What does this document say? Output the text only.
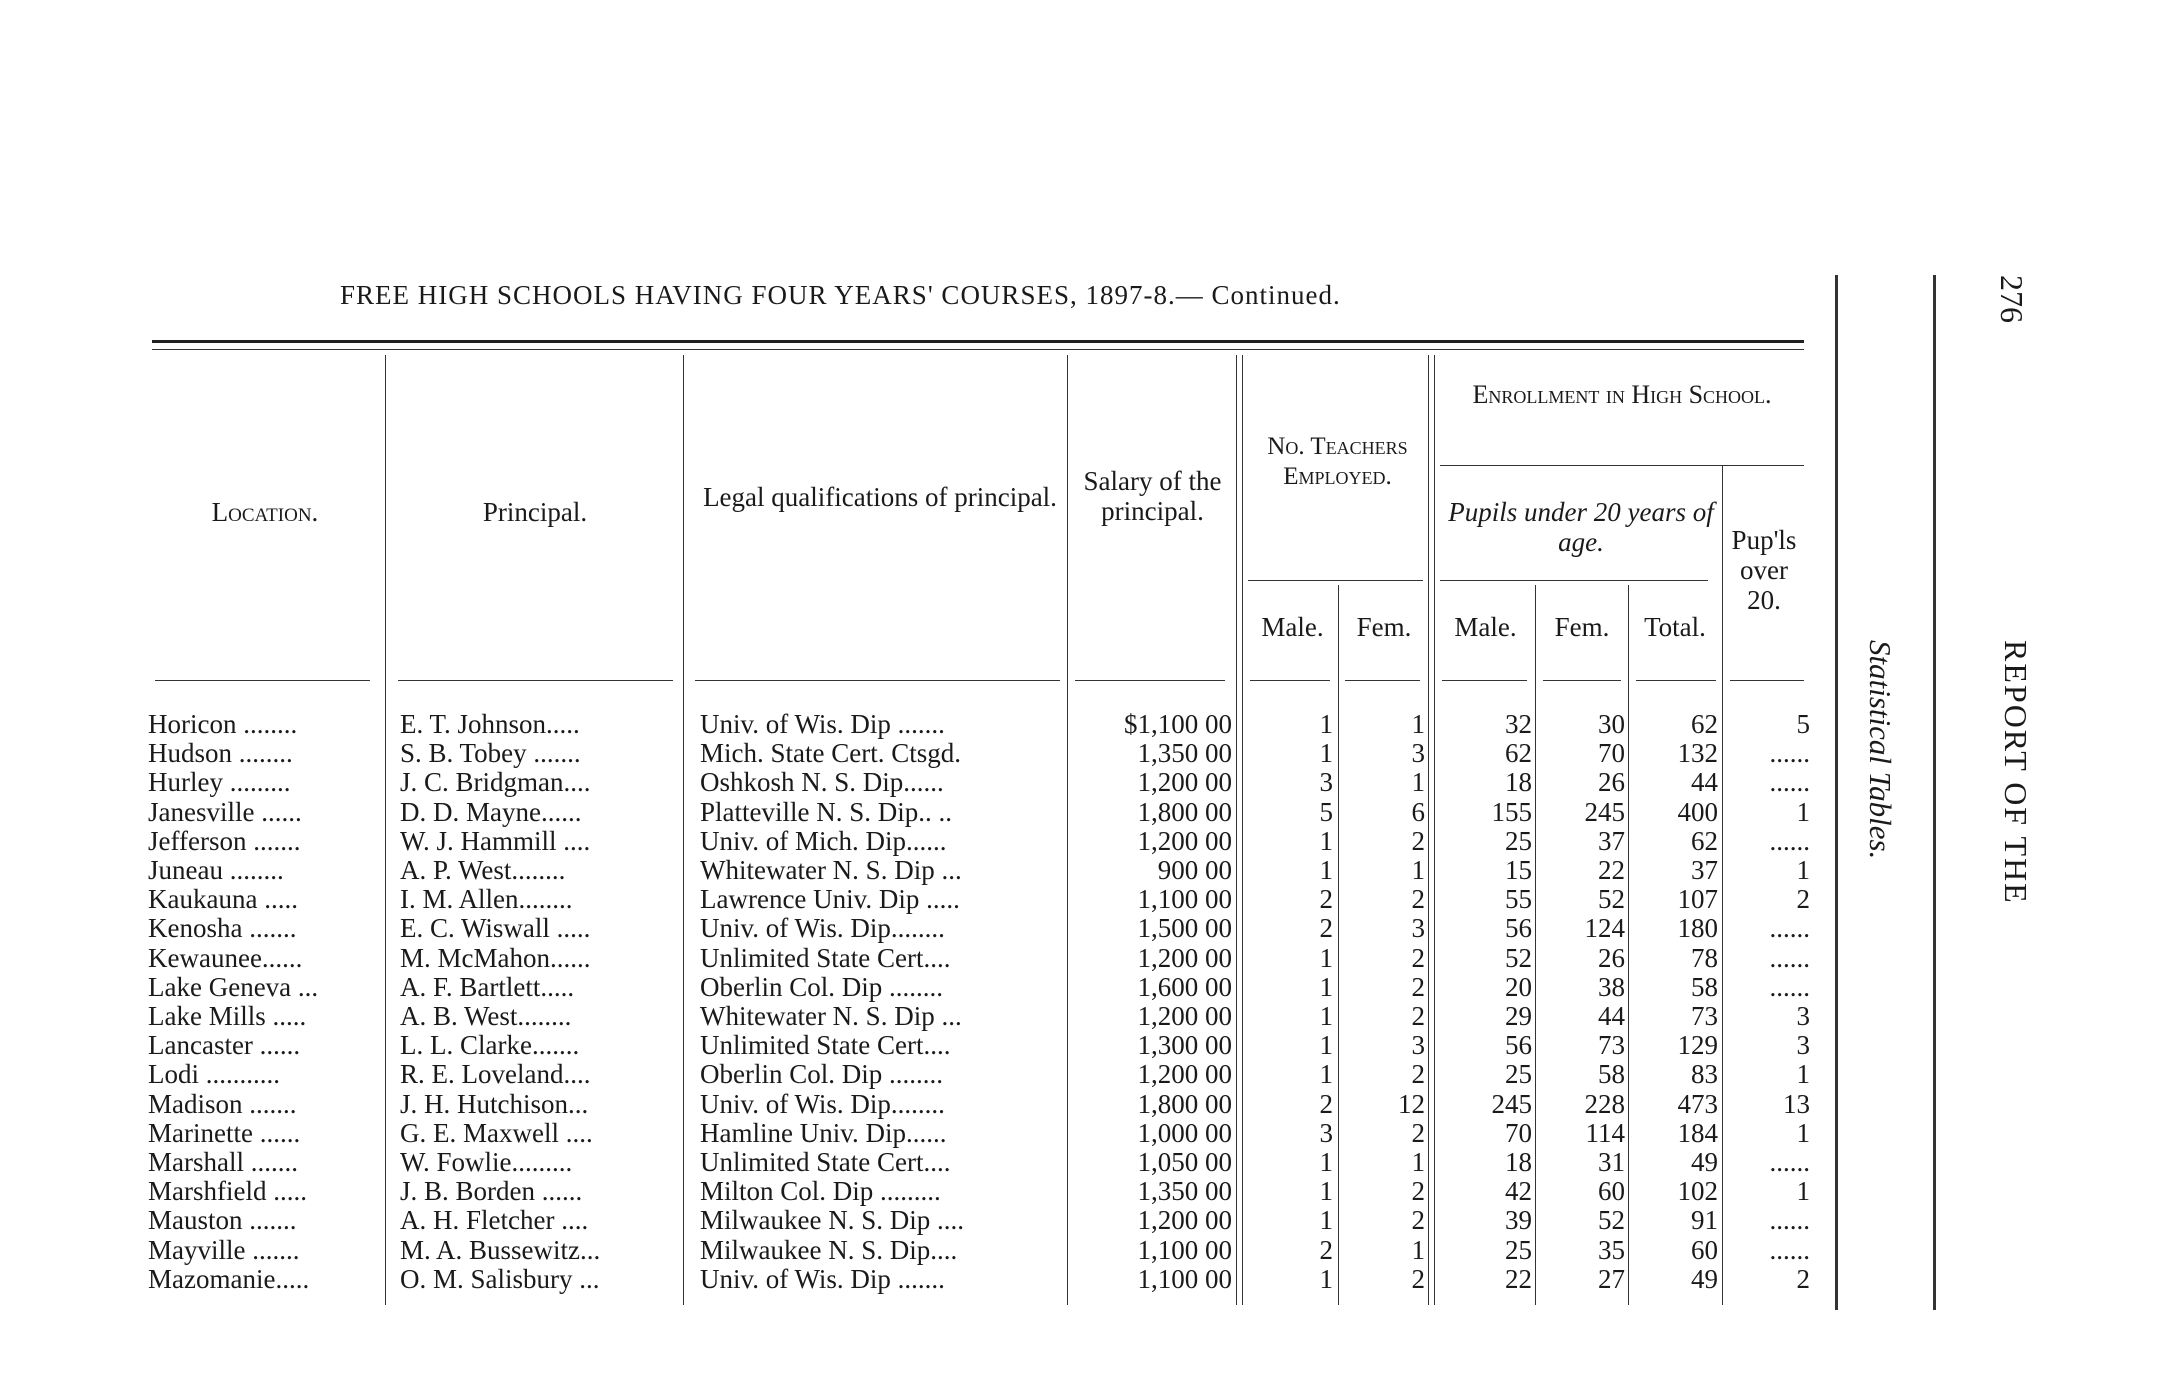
FREE HIGH SCHOOLS HAVING FOUR YEARS' COURSES, 1897-8.— Continued.	276
REPORT OF THE
Statistical Tables.
Location.	Principal.	Legal qualifications of principal.
Salary of the principal.
No. Teachers Employed.
Male.	Fem.
Enrollment in High School.
Pupils under 20 years of age.
Male.	Fem.	Total.
Pup'ls over 20.
Horicon ........	E. T. Johnson.....	Univ. of Wis. Dip .......	$1,100 00	1	1	32	30	62	5
Hudson ........	S. B. Tobey .......	Mich. State Cert. Ctsgd.	1,350 00	1	3	62	70	132	......
Hurley .........	J. C. Bridgman....	Oshkosh N. S. Dip......	1,200 00	3	1	18	26	44	......
Janesville ......	D. D. Mayne......	Platteville N. S. Dip.. ..	1,800 00	5	6	155	245	400	1
Jefferson .......	W. J. Hammill ....	Univ. of Mich. Dip......	1,200 00	1	2	25	37	62	......
Juneau ........	A. P. West........	Whitewater N. S. Dip ...	900 00	1	1	15	22	37	1
Kaukauna .....	I. M. Allen........	Lawrence Univ. Dip .....	1,100 00	2	2	55	52	107	2
Kenosha .......	E. C. Wiswall .....	Univ. of Wis. Dip........	1,500 00	2	3	56	124	180	......
Kewaunee......	M. McMahon......	Unlimited State Cert....	1,200 00	1	2	52	26	78	......
Lake Geneva ...	A. F. Bartlett.....	Oberlin Col. Dip ........	1,600 00	1	2	20	38	58	......
Lake Mills .....	A. B. West........	Whitewater N. S. Dip ...	1,200 00	1	2	29	44	73	3
Lancaster ......	L. L. Clarke.......	Unlimited State Cert....	1,300 00	1	3	56	73	129	3
Lodi ...........	R. E. Loveland....	Oberlin Col. Dip ........	1,200 00	1	2	25	58	83	1
Madison .......	J. H. Hutchison...	Univ. of Wis. Dip........	1,800 00	2	12	245	228	473	13
Marinette ......	G. E. Maxwell ....	Hamline Univ. Dip......	1,000 00	3	2	70	114	184	1
Marshall .......	W. Fowlie.........	Unlimited State Cert....	1,050 00	1	1	18	31	49	......
Marshfield .....	J. B. Borden ......	Milton Col. Dip .........	1,350 00	1	2	42	60	102	1
Mauston .......	A. H. Fletcher ....	Milwaukee N. S. Dip ....	1,200 00	1	2	39	52	91	......
Mayville .......	M. A. Bussewitz...	Milwaukee N. S. Dip....	1,100 00	2	1	25	35	60	......
Mazomanie.....	O. M. Salisbury ...	Univ. of Wis. Dip .......	1,100 00	1	2	22	27	49	2
